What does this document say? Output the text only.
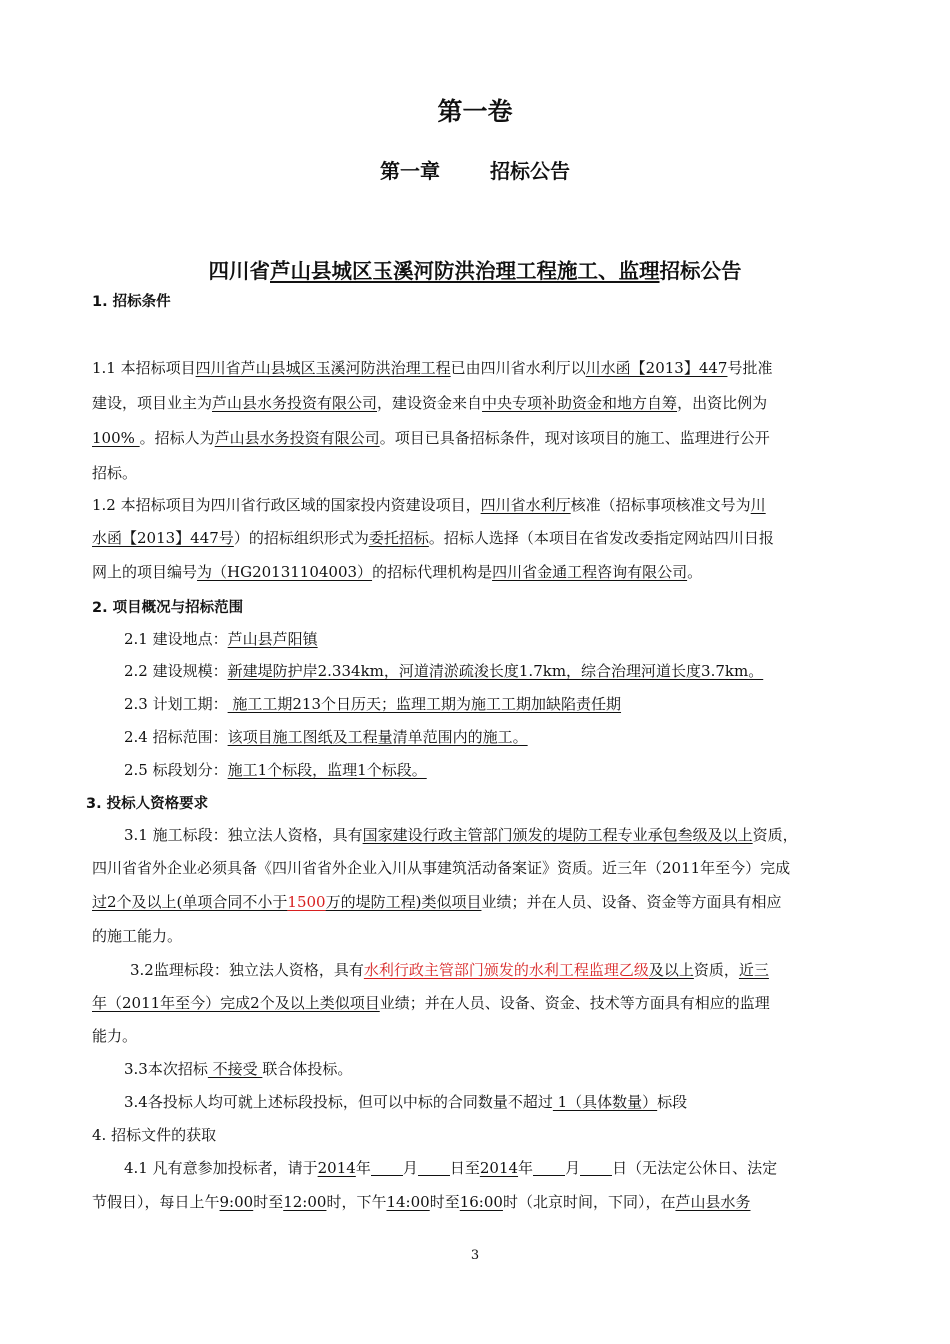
第一卷
第一章	招标公告
四川省芦山县城区玉溪河防洪治理工程施工、监理招标公告
1. 招标条件
1.1 本招标项目四川省芦山县城区玉溪河防洪治理工程已由四川省水利厅以川水函【2013】447号批准
建设，项目业主为芦山县水务投资有限公司，建设资金来自中央专项补助资金和地方自筹，出资比例为
100% 。招标人为芦山县水务投资有限公司。项目已具备招标条件，现对该项目的施工、监理进行公开
招标。
1.2 本招标项目为四川省行政区域的国家投内资建设项目，四川省水利厅核准（招标事项核准文号为川
水函【2013】447号）的招标组织形式为委托招标。招标人选择（本项目在省发改委指定网站四川日报
网上的项目编号为（HG20131104003）的招标代理机构是四川省金通工程咨询有限公司。
2. 项目概况与招标范围
2.1 建设地点：芦山县芦阳镇
2.2 建设规模：新建堤防护岸2.334km，河道清淤疏浚长度1.7km，综合治理河道长度3.7km。
2.3 计划工期： 施工工期213个日历天；监理工期为施工工期加缺陷责任期
2.4 招标范围：该项目施工图纸及工程量清单范围内的施工。
2.5 标段划分：施工1个标段，监理1个标段。
3. 投标人资格要求
3.1 施工标段：独立法人资格，具有国家建设行政主管部门颁发的堤防工程专业承包叁级及以上资质，
四川省省外企业必须具备《四川省省外企业入川从事建筑活动备案证》资质。近三年（2011年至今）完成
过2个及以上(单项合同不小于1500万的堤防工程)类似项目业绩；并在人员、设备、资金等方面具有相应
的施工能力。
3.2监理标段：独立法人资格，具有水利行政主管部门颁发的水利工程监理乙级及以上资质，近三
年（2011年至今）完成2个及以上类似项目业绩；并在人员、设备、资金、技术等方面具有相应的监理
能力。
3.3本次招标 不接受 联合体投标。
3.4各投标人均可就上述标段投标，但可以中标的合同数量不超过 1（具体数量）标段
4. 招标文件的获取
4.1 凡有意参加投标者，请于2014年 月 日至2014年 月 日（无法定公休日、法定
节假日），每日上午9:00时至12:00时，下午14:00时至16:00时（北京时间，下同），在芦山县水务
3
